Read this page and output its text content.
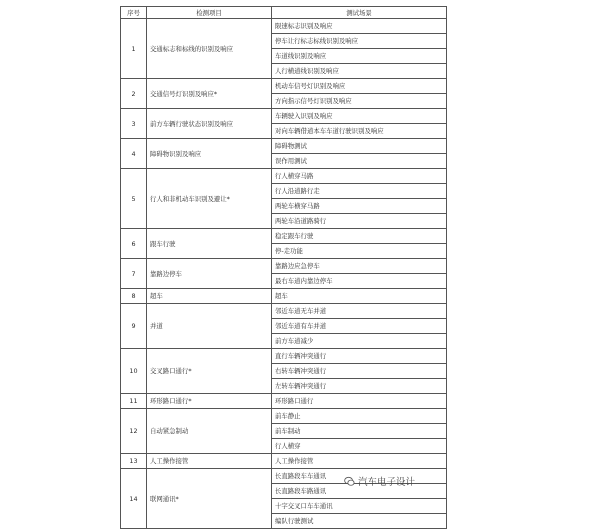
序号	检测项目	测试场景
1	交通标志和标线的识别及响应	限速标志识别及响应
		停车让行标志标线识别及响应
		车道线识别及响应
		人行横道线识别及响应
2	交通信号灯识别及响应*	机动车信号灯识别及响应
		方向指示信号灯识别及响应
3	前方车辆行驶状态识别及响应	车辆驶入识别及响应
		对向车辆借道本车车道行驶识别及响应
4	障碍物识别及响应	障碍物测试
		误作用测试
5	行人和非机动车识别及避让*	行人横穿马路
		行人沿道路行走
		两轮车横穿马路
		两轮车沿道路骑行
6	跟车行驶	稳定跟车行驶
		停-走功能
7	靠路边停车	靠路边应急停车
		最右车道内靠边停车
8	超车	超车
9	并道	邻近车道无车并道
		邻近车道有车并道
		前方车道减少
10	交叉路口通行*	直行车辆冲突通行
		右转车辆冲突通行
		左转车辆冲突通行
11	环形路口通行*	环形路口通行
12	自动紧急制动	前车静止
		前车制动
		行人横穿
13	人工操作接管	人工操作接管
14	联网通讯*	长直路段车车通讯
		长直路段车路通讯
		十字交叉口车车通讯
		编队行驶测试
汽车电子设计
